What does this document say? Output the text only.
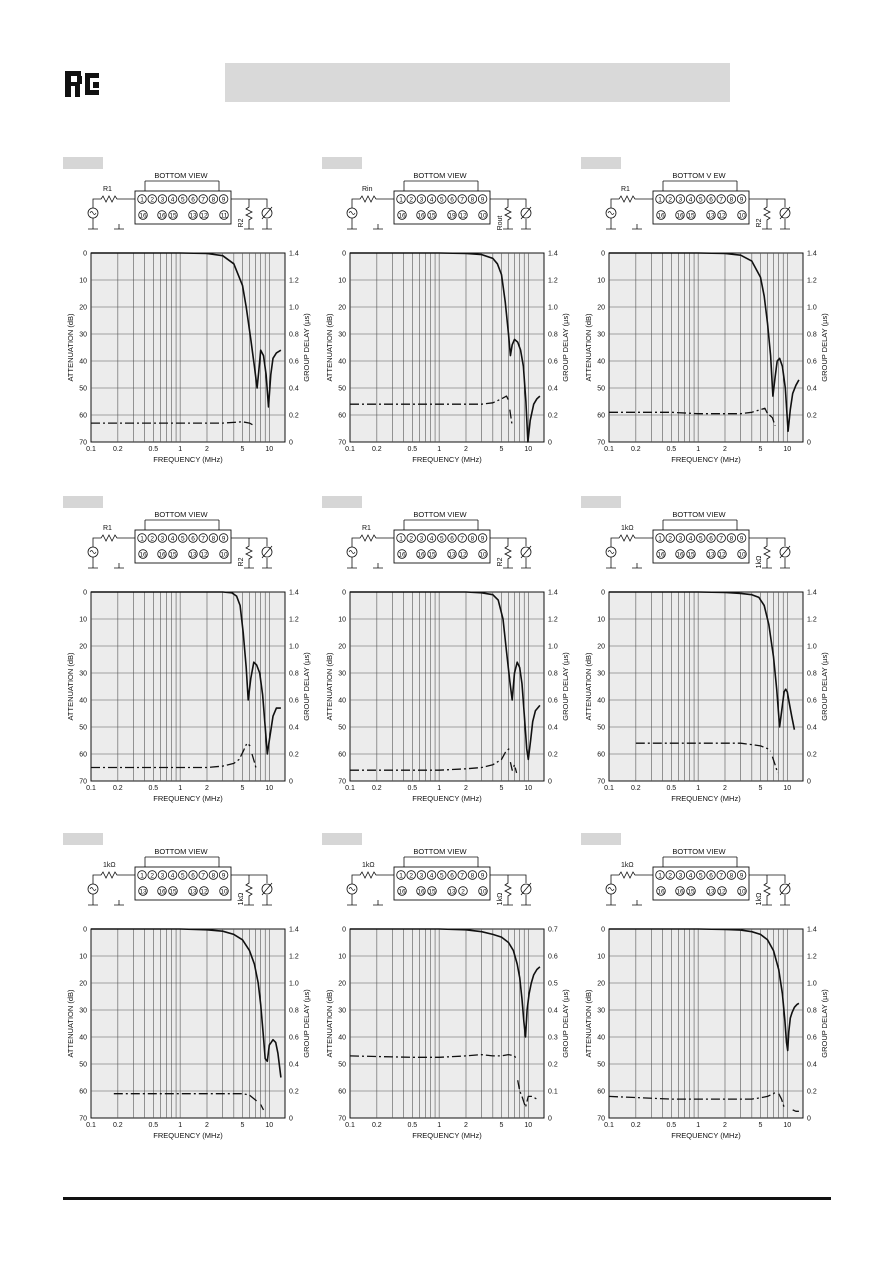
BOTTOM VIEW
1 2 3 4 5 6 7 8 9
16 16 15 13 12 11
R1
R2
0
10
20
30
40
50
60
70
1.4
1.2
1.0
0.8
0.6
0.4
0.2
0
0.1 0.2	0.5	1	2	5	10
FREQUENCY (MHz)
ATTENUATION (dB)	GROUP DELAY (µs)
BOTTOM VIEW
1 2 3 4 5 6 7 8 9
16 16 15 19 12 10
Rin
Rout
0
10
20
30
40
50
60
70
1.4
1.2
1.0
0.8
0.6
0.4
0.2
0
0.1 0.2	0.5	1	2	5	10
FREQUENCY (MHz)
ATTENUATION (dB)	GROUP DELAY (µs)
BOTTOM V EW
1 2 3 4 5 6 7 8 9
16 16 15 13 12 10
R1
R2
0
10
20
30
40
50
60
70
1.4
1.2
1.0
0.8
0.6
0.4
0.2
0
0.1 0.2	0.5	1	2	5	10
FREQUENCY (MHz)
ATTENUATION (dB)	GROUP DELAY (µs)
BOTTOM VIEW
1 2 3 4 5 6 7 8 9
16 16 15 13 12 10
R1
R2
0
10
20
30
40
50
60
70
1.4
1.2
1.0
0.8
0.6
0.4
0.2
0
0.1 0.2	0.5	1	2	5	10
FREQUENCY (MHz)
ATTENUATION (dB)	GROUP DELAY (µs)
BOTTOM VIEW
1 2 3 4 5 6 7 8 9
16 16 15 13 12 10
R1
R2
0
10
20
30
40
50
60
70
1.4
1.2
1.0
0.8
0.6
0.4
0.2
0
0.1 0.2	0.5	1	2	5	10
FREQUENCY (MHz)
ATTENUATION (dB)	GROUP DELAY (µs)
BOTTOM VIEW
1 2 3 4 5 6 7 8 9
16 16 15 13 12 10
1kΩ
1kΩ
0
10
20
30
40
50
60
70
1.4
1.2
1.0
0.8
0.6
0.4
0.2
0
0.1 0.2	0.5	1	2	5	10
FREQUENCY (MHz)
ATTENUATION (dB)	GROUP DELAY (µs)
BOTTOM VIEW
1 2 3 4 5 6 7 8 9
13 16 15 13 12 10
1kΩ
1kΩ
0
10
20
30
40
50
60
70
1.4
1.2
1.0
0.8
0.6
0.4
0.2
0
0.1 0.2	0.5	1	2	5	10
FREQUENCY (MHz)
ATTENUATION (dB)	GROUP DELAY (µs)
BOTTOM VIEW
1 2 3 4 5 6 7 8 9
16 16 15 13 2 10
1kΩ
1kΩ
0
10
20
30
40
50
60
70
0.7
0.6
0.5
0.4
0.3
0.2
0.1
0
0.1 0.2	0.5	1	2	5	10
FREQUENCY (MHz)
ATTENUATION (dB)	GROUP DELAY (µs)
BOTTOM VIEW
1 2 3 4 5 6 7 8 9
16 16 15 13 12 10
1kΩ
1kΩ
0
10
20
30
40
50
60
70
1.4
1.2
1.0
0.8
0.6
0.4
0.2
0
0.1 0.2	0.5	1	2	5	10
FREQUENCY (MHz)
ATTENUATION (dB)	GROUP DELAY (µs)
